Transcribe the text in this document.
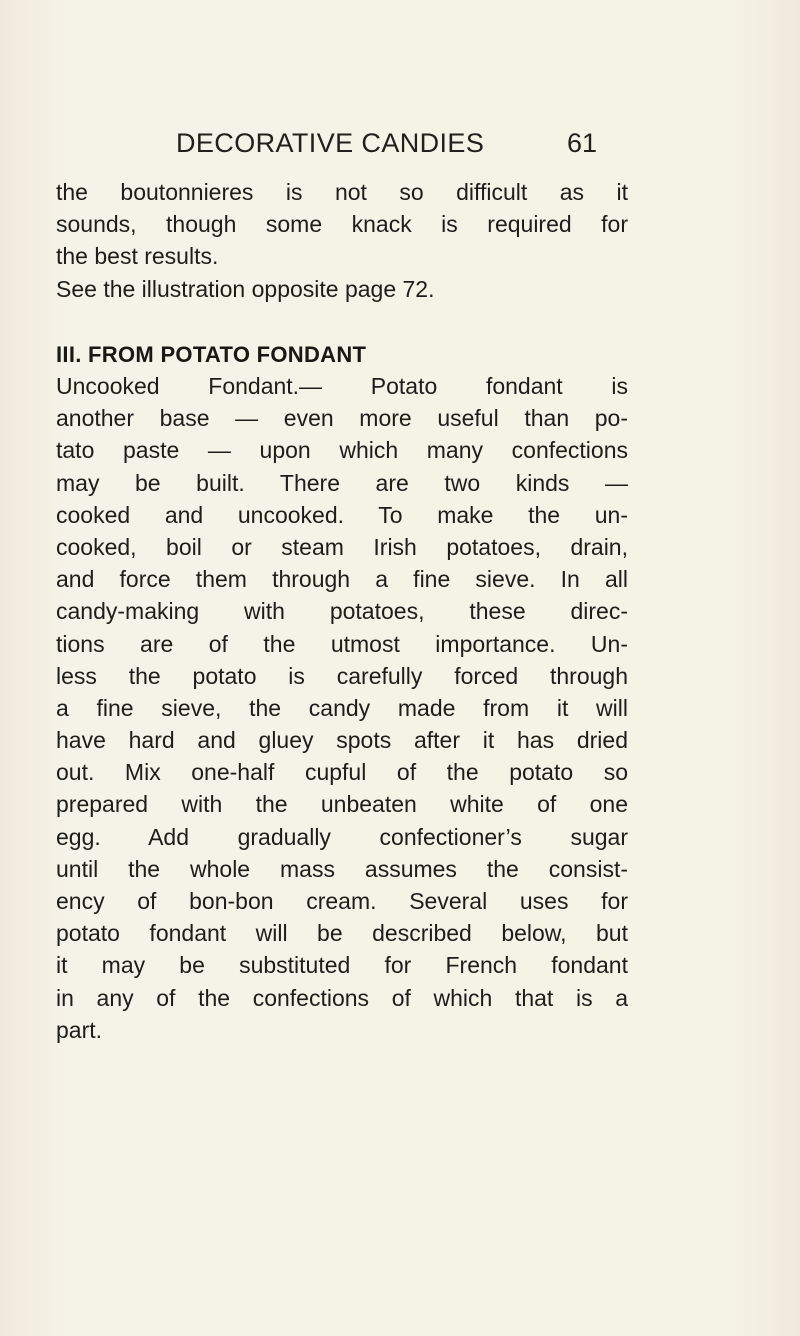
DECORATIVE CANDIES	61
the boutonnieres is not so difficult as it
sounds, though some knack is required for
the best results.
See the illustration opposite page 72.
III. FROM POTATO FONDANT
Uncooked Fondant.— Potato fondant is
another base — even more useful than po-
tato paste — upon which many confections
may be built. There are two kinds —
cooked and uncooked. To make the un-
cooked, boil or steam Irish potatoes, drain,
and force them through a fine sieve. In all
candy-making with potatoes, these direc-
tions are of the utmost importance. Un-
less the potato is carefully forced through
a fine sieve, the candy made from it will
have hard and gluey spots after it has dried
out. Mix one-half cupful of the potato so
prepared with the unbeaten white of one
egg. Add gradually confectioner’s sugar
until the whole mass assumes the consist-
ency of bon-bon cream. Several uses for
potato fondant will be described below, but
it may be substituted for French fondant
in any of the confections of which that is a
part.
